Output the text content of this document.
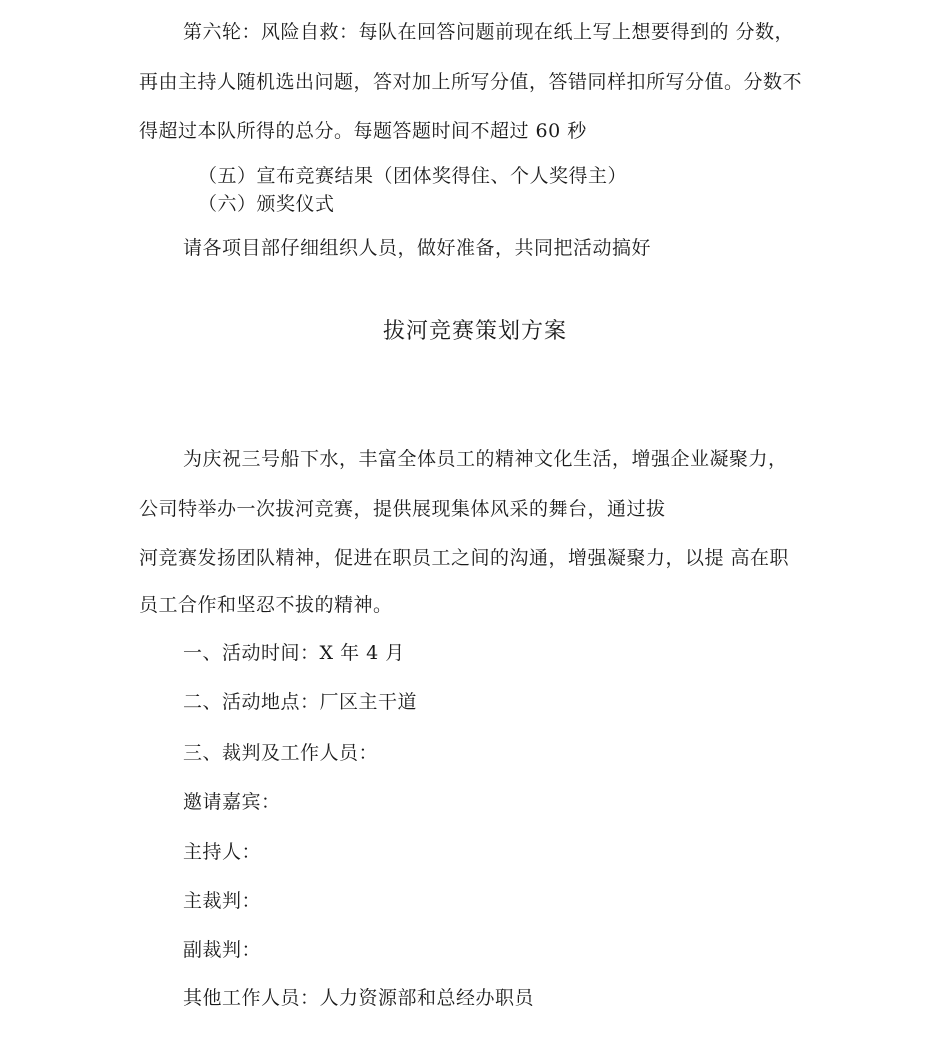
第六轮：风险自救：每队在回答问题前现在纸上写上想要得到的 分数，
再由主持人随机选出问题，答对加上所写分值，答错同样扣所写分值。分数不
得超过本队所得的总分。每题答题时间不超过 60 秒
（五）宣布竞赛结果（团体奖得住、个人奖得主）
（六）颁奖仪式
请各项目部仔细组织人员，做好准备，共同把活动搞好
拔河竞赛策划方案
为庆祝三号船下水，丰富全体员工的精神文化生活，增强企业凝聚力，
公司特举办一次拔河竞赛，提供展现集体风采的舞台，通过拔
河竞赛发扬团队精神，促进在职员工之间的沟通，增强凝聚力，以提 高在职
员工合作和坚忍不拔的精神。
一、活动时间：X 年 4 月
二、活动地点：厂区主干道
三、裁判及工作人员：
邀请嘉宾：
主持人：
主裁判：
副裁判：
其他工作人员：人力资源部和总经办职员
